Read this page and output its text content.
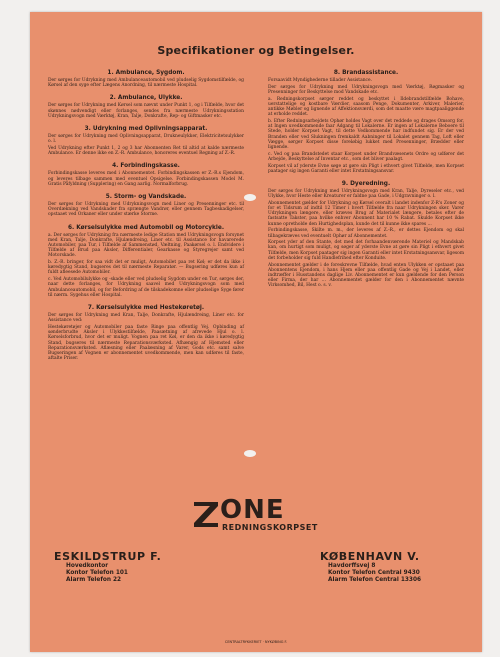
Specifikationer og Betingelser.
1. Ambulance, Sygdom.
Der sørges for Udrykning med Ambulanceautomobil ved pludselig Sygdomstilfælde, og Kørsel af den syge efter Lægens Anordning, til nærmeste Hospital.
2. Ambulance, Ulykke.
Der sørges for Udrykning med Kørsel som nævnt under Punkt 1, og i Tilfælde, hvor det skønnes nødvendigt eller forlanges, sendes fra nærmeste Udrykningsstation Udrykningsvogn med Værktøj, Kran, Talje, Donkrafte, Rep- og Giftmasker etc.
3. Udrykning med Oplivningsapparat.
Der sørges for Udrykning med Oplivningsapparat, Drukneulykker, Elektricitetsulykker o. l.
Ved Udrykning efter Punkt 1, 2 og 3 har Abonnenten Ret til altid at kalde nærmeste Ambulance. Er denne ikke en Z.-R. Ambulance, honoreres eventuel Regning af Z.-R.
4. Forbindingskasse.
Forbindingskasse leveres med i Abonnementet. Forbindingskassen er Z.-R.s Ejendom, og leveres tilbage sammen med eventuel Opsigelse. Forbindingskassen Model M. Gratis Påfyldning (Supplering) en Gang aarlig. Normalforbrug.
5. Storm- og Vandskade.
Der sørges for Udrykning med Udrykningsvogn med Liner og Presenninger etc. til Overdækning ved Vandskader fra sprængte Vandrør, eller gennem Tagbeskadigelser, opstaaet ved Orkaner eller under stærke Storme.
6. Kørselsulykke med Automobil og Motorcykle.
a. Der sørges for Udrykning fra nærmeste ledige Station med Udrykningsvogn forsynet med Kran, Talje, Donkrafte, Hjulændreing, Liner etc. til Assistance for havarerede Automobiler, paa Tur, i Tilfælde af Sammenstød, Væltning, Paakørsel o. l. Endvidere i Tilfælde af Brud paa Aksler, Differentialer, Gearkasse og Styregrejer samt ved Motorskade.
b. Z.-R. bringer, for saa vidt det er muligt, Automobilet paa ret Køl; er det da ikke i køredygtig Stand, bugseres det til nærmeste Reparatør. — Bugsering udføres kun af fuldt afleesede Automobiler.
c. Ved Automobilulykke og -skade eller ved pludselig Sygdom under en Tur, sørges der, naar dette forlanges, for Udrykning saavel med Udrykningsvogn som med Ambulanceautomobil, og for Befordring af de tilskadekomne eller pludselige Syge fører til nærm. Sygehus eller Hospital.
7. Kørselsulykke med Hestekøretøj.
Der sørges for Udrykning med Kran, Talje, Donkrafte, Hjulændreing, Liner etc. for Assistance ved:
Hestekøretøjer og Automobiler paa faste Ringe paa offentlig Vej. Opbinding af sønderbrudte Aksler i Ulykkestilfælde, Paasætning af afrevede Hjul o. l. Kørselsforbrud, hvor det er muligt. Vognen paa ret Køl, er den da ikke i køredygtig Stand, bugseres til nærmeste Reparationsværksted. Afhængig af Hjemsted eller Reparationsværksted. Aflæsning eller Paalæsning af Varer, Gods etc. samt salve Bugseringen af Vognen er abonnementet uvedkommende, men kan udføres til faste, aftalte Priser.
8. Brandassistance.
Forsaavidt Myndighederne tillader Assistance.
Der sørges for Udrykning med Udrykningsvogn med Værktøj, Røgmasker og Presenninger for Beskyttelse mod Vandskade etc.
a. Redningskorpset sørger reddet og beskyttet i Ildebrandstilfælde Bohave, uerstattelige og kostbare Værdier, saasom Penge, Dokumenter, Arkiver, Malerier, antikke Møbler og lignende af Affektionsværdi, som det maatte være magtpaaliggende at erholde reddet.
b. Efter Redningsarbejdets Ophør holdes Vagt over det reddede og drages Omsorg for, at Ingen uvedkommende faar Adgang til Lokalerne. Er ingen af Lokalerne Beboere til Stede, holder Korpset Vagt, til dette Vedkommende har indfundet sig. Er der ved Branden eller ved Slukningen fremkaldt Aabninger til Lokalet gennem Tag, Loft eller Vægge, sørger Korpset disse foreløbig lukket med Presenninger, Brædder eller lignende.
c. Ved og paa Brandstedet staar Korpset under Brandvæsenets Ordre og udfører det Arbejde, Beskyttelse af Inventar etc., som det bliver paalagt.
Korpset vil af yderste Evne søge at gøre sin Pligt i ethvert givet Tilfælde, men Korpset paatager sig ingen Garanti eller intet Erstatningsansvar.
9. Dyeredning.
Der sørges for Udrykning med Udrykningsvogn med Kran, Talje, Dyreseler etc., ved Ulykke, hvor Heste eller Kreaturer er faldne paa Gade, i Udgravninger o. l.
Abonnementet gælder for Udrykning og Kørsel overalt i landet indenfor Z-R's Zoner og for et Tidsrum af indtil 12 Timer i hvert Tilfælde fra naar Udrykningen sker. Varer Udrykningen længere, eller kræves Brug af Materialet længere, betales efter de fastsatte Takster, paa hvilke enhver Abonnent har 10 % Rabat. Skulde Korpset ikke kunne opretholde den Hurtighedsplan, kunde det til kunne ikke spares ...
Forbindingskasse, Skilte m. m., der leveres af Z.-R., er dettes Ejendom og skal tilbagekræves ved eventuelt Ophør af Abonnementet.
Korpset yder af den Stante, det med det forhaandenværende Materiel og Mandskab kan, om hurtigt som muligt, og søger af yderste Evne at gøre sin Pligt i ethvert givet Tilfælde, men Korpset paatager sig ingen Garanti eller intet Erstatningsansvar, ligesom det forbeholder sig fuld Handlefrihed efter Konduite.
Abonnementet gælder i de foreskrevne Tilfælde, hvad enten Ulykken er opstaaet paa Abonnentens Ejendom, i hans Hjem eller paa offentlig Gade og Vej i Landet, eller indtræffer i Husstandens daglige Liv. Abonnementet er kun gældende for den Person eller Firma, der har ... Abonnementet gælder for den i Abonnementet nævnte Virksomhed, Bil, Hest o. s. v.
ONE
REDNINGSKORPSET
ESKILDSTRUP F.
Hovedkontor
Kontor Telefon 101
Alarm Telefon 22
KØBENHAVN V.
Havdorffsvej 8
Kontor Telefon Central 9430
Alarm Telefon Central 13306
CENTRALTRYKKERIET · NYKØBING F.
